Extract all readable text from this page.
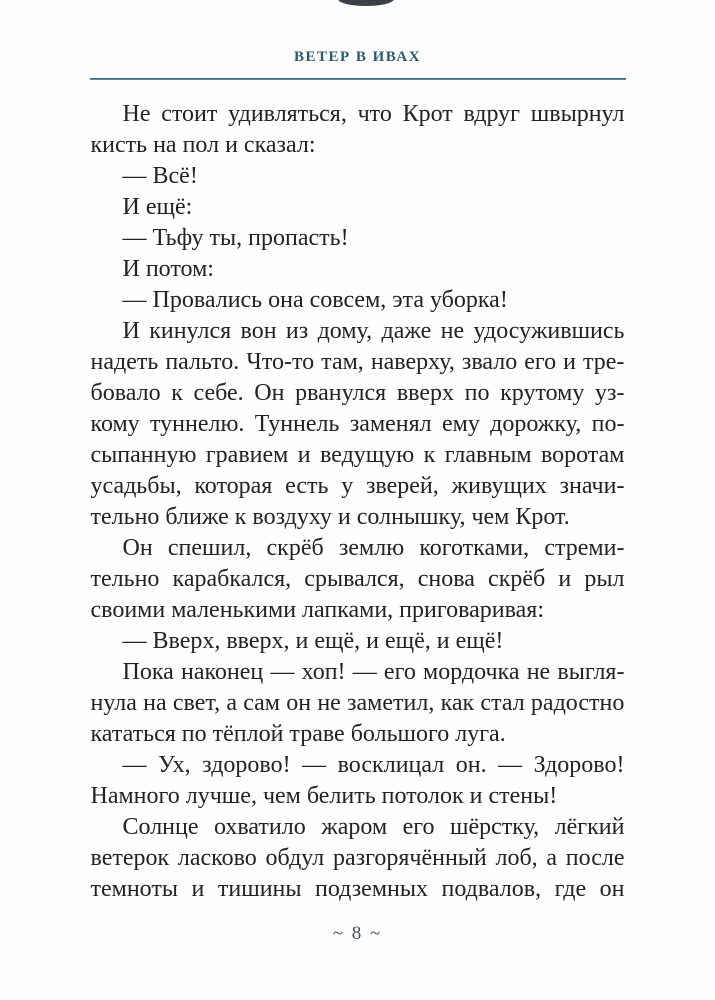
ВЕТЕР В ИВАХ
Не стоит удивляться, что Крот вдруг швырнул
кисть на пол и сказал:
— Всё!
И ещё:
— Тьфу ты, пропасть!
И потом:
— Провались она совсем, эта уборка!
И кинулся вон из дому, даже не удосужившись
надеть пальто. Что-то там, наверху, звало его и тре-
бовало к себе. Он рванулся вверх по крутому уз-
кому туннелю. Туннель заменял ему дорожку, по-
сыпанную гравием и ведущую к главным воротам
усадьбы, которая есть у зверей, живущих значи-
тельно ближе к воздуху и солнышку, чем Крот.
Он спешил, скрёб землю коготками, стреми-
тельно карабкался, срывался, снова скрёб и рыл
своими маленькими лапками, приговаривая:
— Вверх, вверх, и ещё, и ещё, и ещё!
Пока наконец — хоп! — его мордочка не выгля-
нула на свет, а сам он не заметил, как стал радостно
кататься по тёплой траве большого луга.
— Ух, здорово! — восклицал он. — Здорово!
Намного лучше, чем белить потолок и стены!
Солнце охватило жаром его шёрстку, лёгкий
ветерок ласково обдул разгорячённый лоб, а после
темноты и тишины подземных подвалов, где он
~ 8 ~
